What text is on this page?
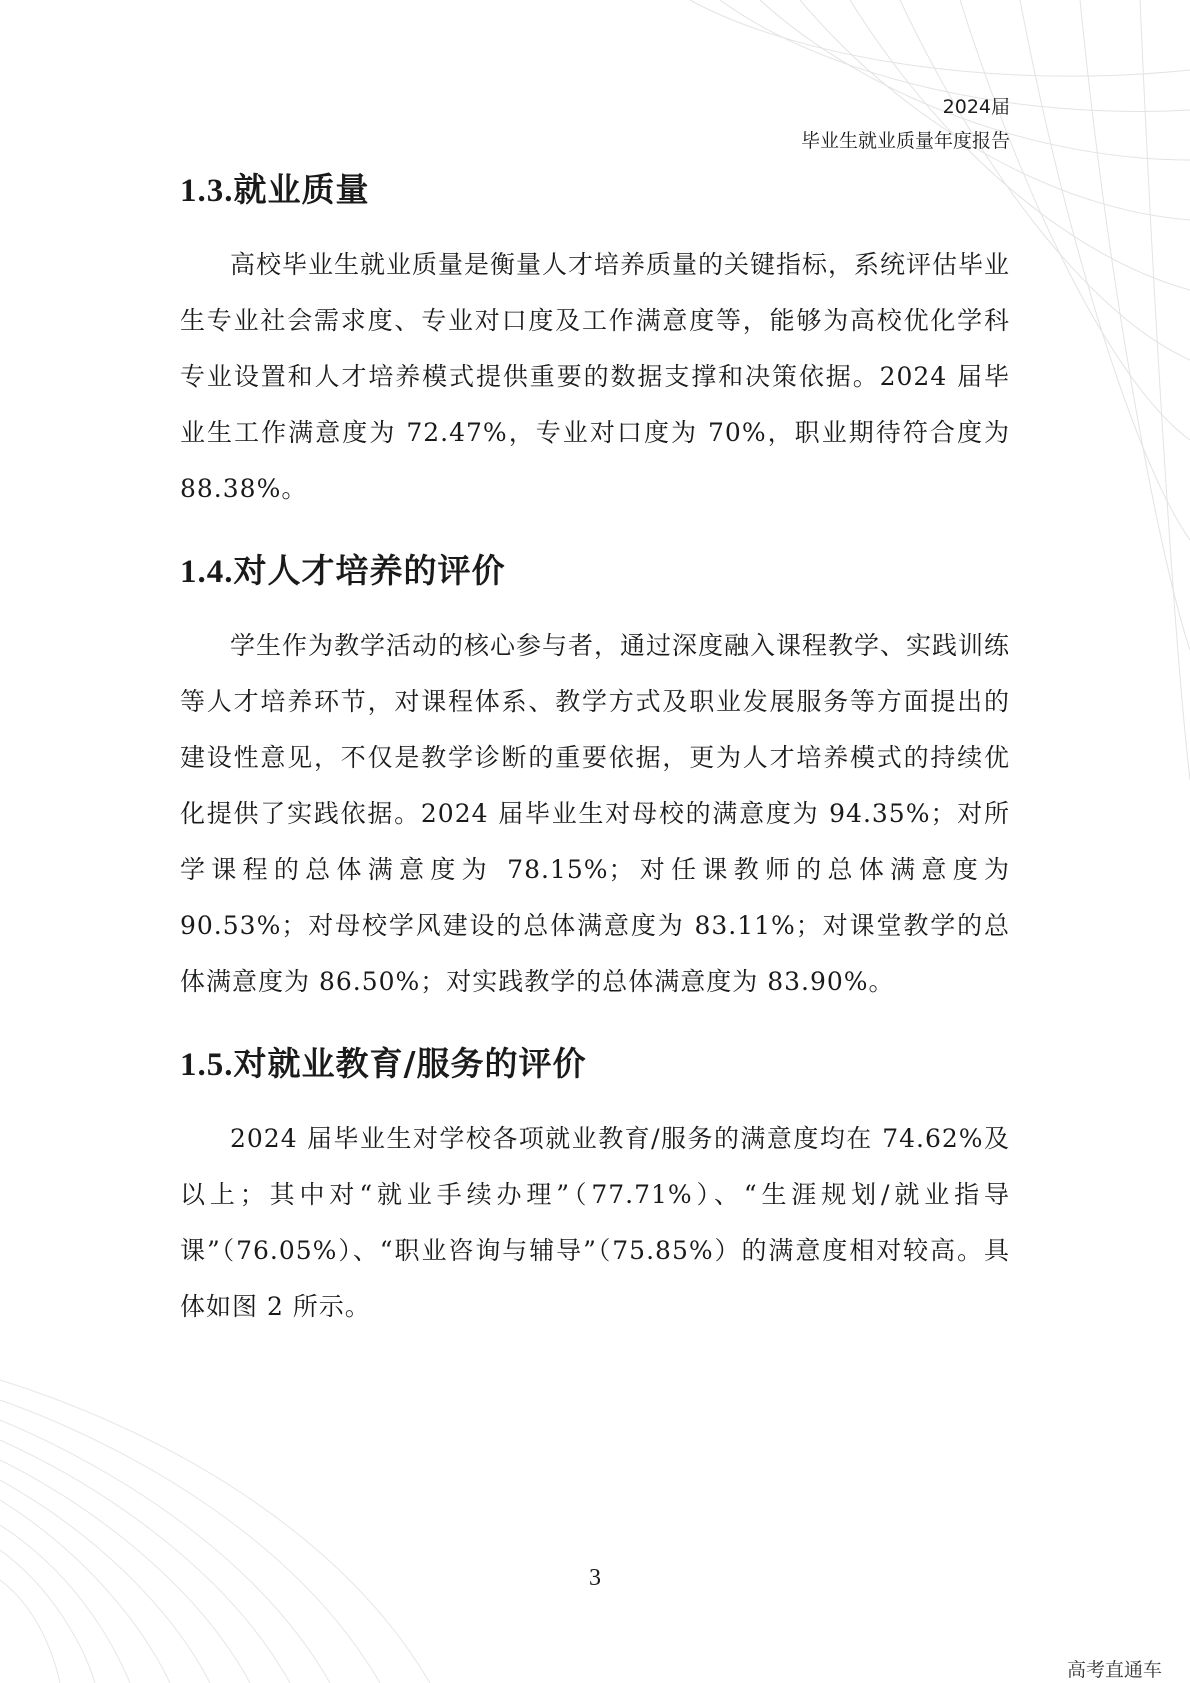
2024届
毕业生就业质量年度报告
1.3.就业质量

高校毕业生就业质量是衡量人才培养质量的关键指标，系统评估毕业生专业社会需求度、专业对口度及工作满意度等，能够为高校优化学科专业设置和人才培养模式提供重要的数据支撑和决策依据。2024 届毕业生工作满意度为 72.47%，专业对口度为 70%，职业期待符合度为 88.38%。

1.4.对人才培养的评价

学生作为教学活动的核心参与者，通过深度融入课程教学、实践训练等人才培养环节，对课程体系、教学方式及职业发展服务等方面提出的建设性意见，不仅是教学诊断的重要依据，更为人才培养模式的持续优化提供了实践依据。2024 届毕业生对母校的满意度为 94.35%；对所学课程的总体满意度为 78.15%；对任课教师的总体满意度为 90.53%；对母校学风建设的总体满意度为 83.11%；对课堂教学的总体满意度为 86.50%；对实践教学的总体满意度为 83.90%。

1.5.对就业教育/服务的评价

2024 届毕业生对学校各项就业教育/服务的满意度均在 74.62%及以上；其中对“就业手续办理”（77.71%）、“生涯规划/就业指导课”（76.05%）、“职业咨询与辅导”（75.85%）的满意度相对较高。具体如图 2 所示。

3
高考直通车
